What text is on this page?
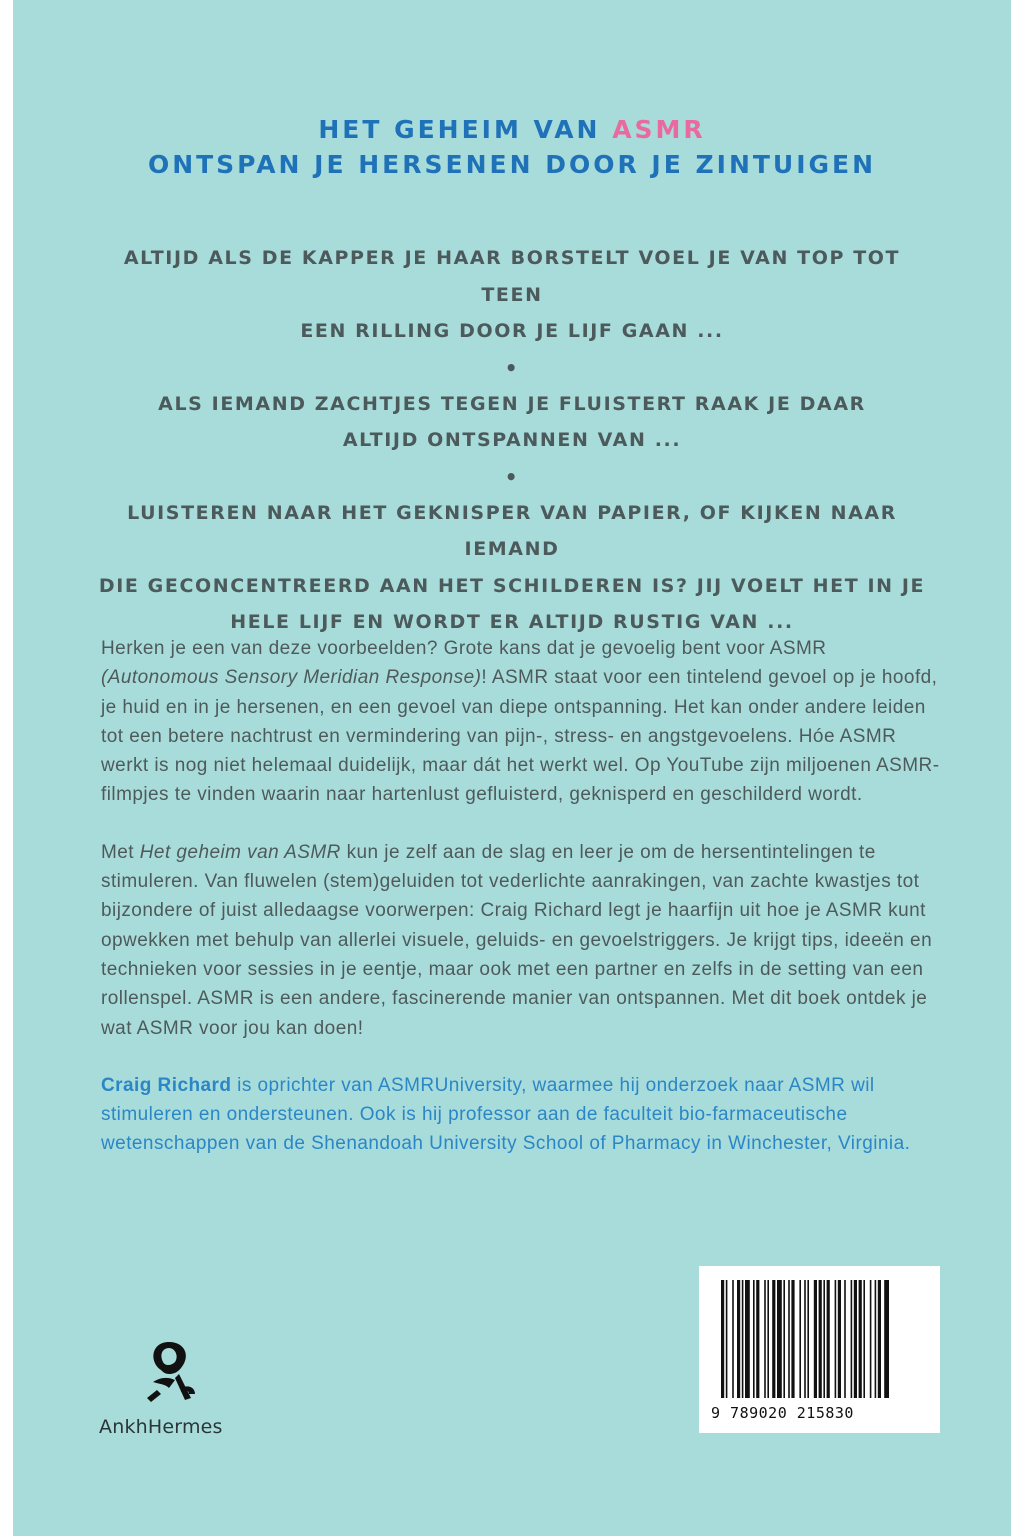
HET GEHEIM VAN ASMR
ONTSPAN JE HERSENEN DOOR JE ZINTUIGEN
ALTIJD ALS DE KAPPER JE HAAR BORSTELT VOEL JE VAN TOP TOT TEEN
EEN RILLING DOOR JE LIJF GAAN ...
•
ALS IEMAND ZACHTJES TEGEN JE FLUISTERT RAAK JE DAAR
ALTIJD ONTSPANNEN VAN ...
•
LUISTEREN NAAR HET GEKNISPER VAN PAPIER, OF KIJKEN NAAR IEMAND
DIE GECONCENTREERD AAN HET SCHILDEREN IS? JIJ VOELT HET IN JE
HELE LIJF EN WORDT ER ALTIJD RUSTIG VAN ...

Herken je een van deze voorbeelden? Grote kans dat je gevoelig bent voor ASMR (Autonomous Sensory Meridian Response)! ASMR staat voor een tintelend gevoel op je hoofd, je huid en in je hersenen, en een gevoel van diepe ontspanning. Het kan onder andere leiden tot een betere nachtrust en vermindering van pijn-, stress- en angstgevoelens. Hóe ASMR werkt is nog niet helemaal duidelijk, maar dát het werkt wel. Op YouTube zijn miljoenen ASMR-filmpjes te vinden waarin naar hartenlust gefluisterd, geknisperd en geschilderd wordt.

Met Het geheim van ASMR kun je zelf aan de slag en leer je om de hersentintelingen te stimuleren. Van fluwelen (stem)geluiden tot vederlichte aanrakingen, van zachte kwastjes tot bijzondere of juist alledaagse voorwerpen: Craig Richard legt je haarfijn uit hoe je ASMR kunt opwekken met behulp van allerlei visuele, geluids- en gevoelstriggers. Je krijgt tips, ideeën en technieken voor sessies in je eentje, maar ook met een partner en zelfs in de setting van een rollenspel. ASMR is een andere, fascinerende manier van ontspannen. Met dit boek ontdek je wat ASMR voor jou kan doen!

Craig Richard is oprichter van ASMRUniversity, waarmee hij onderzoek naar ASMR wil stimuleren en ondersteunen. Ook is hij professor aan de faculteit bio-farmaceutische wetenschappen van de Shenandoah University School of Pharmacy in Winchester, Virginia.

AnkhHermes
9 789020 215830
